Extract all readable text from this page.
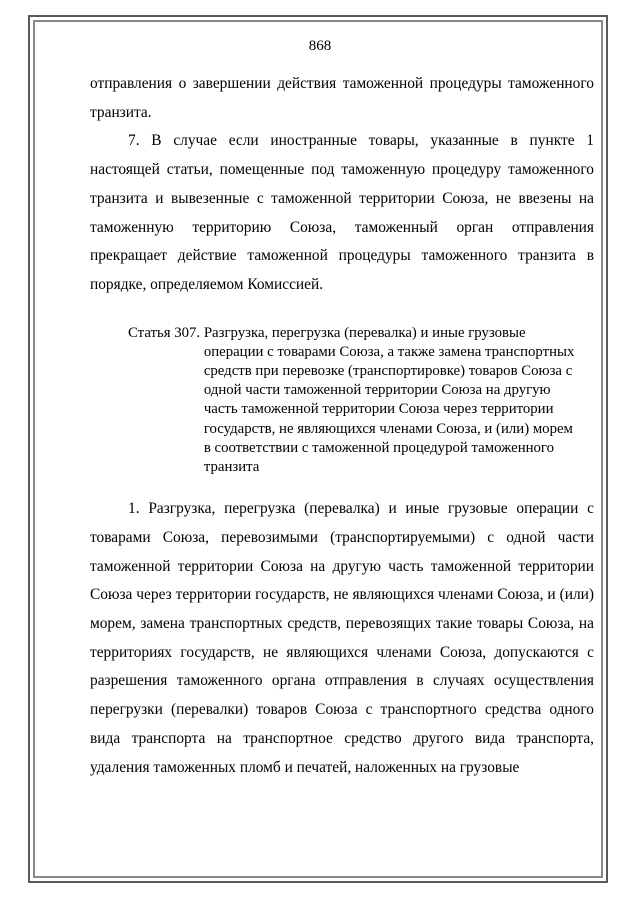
868

отправления о завершении действия таможенной процедуры таможенного транзита.

7. В случае если иностранные товары, указанные в пункте 1 настоящей статьи, помещенные под таможенную процедуру таможенного транзита и вывезенные с таможенной территории Союза, не ввезены на таможенную территорию Союза, таможенный орган отправления прекращает действие таможенной процедуры таможенного транзита в порядке, определяемом Комиссией.

Статья 307. Разгрузка, перегрузка (перевалка) и иные грузовые операции с товарами Союза, а также замена транспортных средств при перевозке (транспортировке) товаров Союза с одной части таможенной территории Союза на другую часть таможенной территории Союза через территории государств, не являющихся членами Союза, и (или) морем в соответствии с таможенной процедурой таможенного транзита

1. Разгрузка, перегрузка (перевалка) и иные грузовые операции с товарами Союза, перевозимыми (транспортируемыми) с одной части таможенной территории Союза на другую часть таможенной территории Союза через территории государств, не являющихся членами Союза, и (или) морем, замена транспортных средств, перевозящих такие товары Союза, на территориях государств, не являющихся членами Союза, допускаются с разрешения таможенного органа отправления в случаях осуществления перегрузки (перевалки) товаров Союза с транспортного средства одного вида транспорта на транспортное средство другого вида транспорта, удаления таможенных пломб и печатей, наложенных на грузовые
